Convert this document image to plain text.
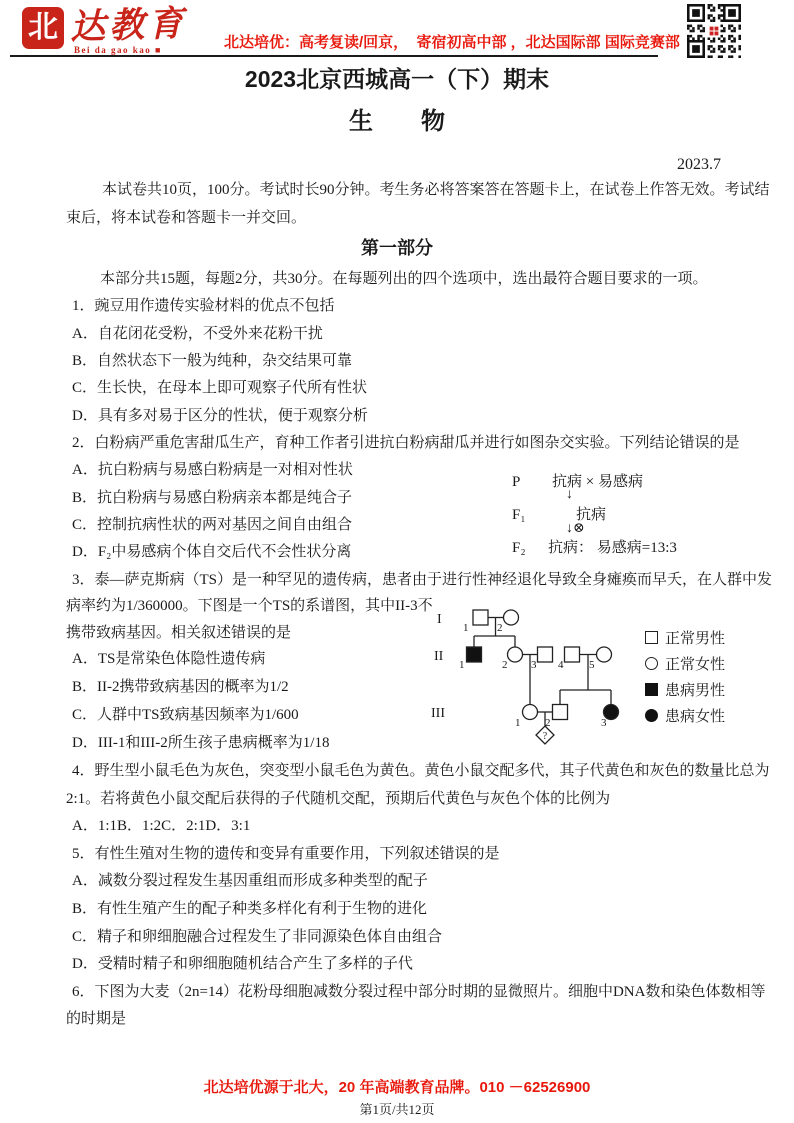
北 达教育
Bei da gao kao ■	北达培优：高考复读/回京，  寄宿初高中部 ，北达国际部 国际竞赛部
2023北京西城高一（下）期末
生　　物
2023.7
本试卷共10页，100分。考试时长90分钟。考生务必将答案答在答题卡上，在试卷上作答无效。考试结
束后，将本试卷和答题卡一并交回。
第一部分
本部分共15题，每题2分，共30分。在每题列出的四个选项中，选出最符合题目要求的一项。
1．豌豆用作遗传实验材料的优点不包括
A．自花闭花受粉，不受外来花粉干扰
B．自然状态下一般为纯种，杂交结果可靠
C．生长快，在母本上即可观察子代所有性状
D．具有多对易于区分的性状，便于观察分析
2．白粉病严重危害甜瓜生产，育种工作者引进抗白粉病甜瓜并进行如图杂交实验。下列结论错误的是
A．抗白粉病与易感白粉病是一对相对性状
B．抗白粉病与易感白粉病亲本都是纯合子
C．控制抗病性状的两对基因之间自由组合
D．F₂中易感病个体自交后代不会性状分离
P 抗病 × 易感病
↓
F₁	抗病
↓⊗
F₂ 抗病： 易感病=13:3
3．泰—萨克斯病（TS）是一种罕见的遗传病，患者由于进行性神经退化导致全身瘫痪而早夭，在人群中发
病率约为1/360000。下图是一个TS的系谱图，其中II-3不
携带致病基因。相关叙述错误的是
A．TS是常染色体隐性遗传病
B．II-2携带致病基因的概率为1/2
C．人群中TS致病基因频率为1/600
D．III-1和III-2所生孩子患病概率为1/18
I
II
III
1	2
1	2 3 4 5
1 2	3
?
正常男性
正常女性
患病男性
患病女性
4．野生型小鼠毛色为灰色，突变型小鼠毛色为黄色。黄色小鼠交配多代，其子代黄色和灰色的数量比总为
2:1。若将黄色小鼠交配后获得的子代随机交配，预期后代黄色与灰色个体的比例为
A．1:1B．1:2C．2:1D．3:1
5．有性生殖对生物的遗传和变异有重要作用，下列叙述错误的是
A．减数分裂过程发生基因重组而形成多种类型的配子
B．有性生殖产生的配子种类多样化有利于生物的进化
C．精子和卵细胞融合过程发生了非同源染色体自由组合
D．受精时精子和卵细胞随机结合产生了多样的子代
6．下图为大麦（2n=14）花粉母细胞减数分裂过程中部分时期的显微照片。细胞中DNA数和染色体数相等
的时期是
北达培优源于北大，20 年高端教育品牌。010 －62526900
第1页/共12页
